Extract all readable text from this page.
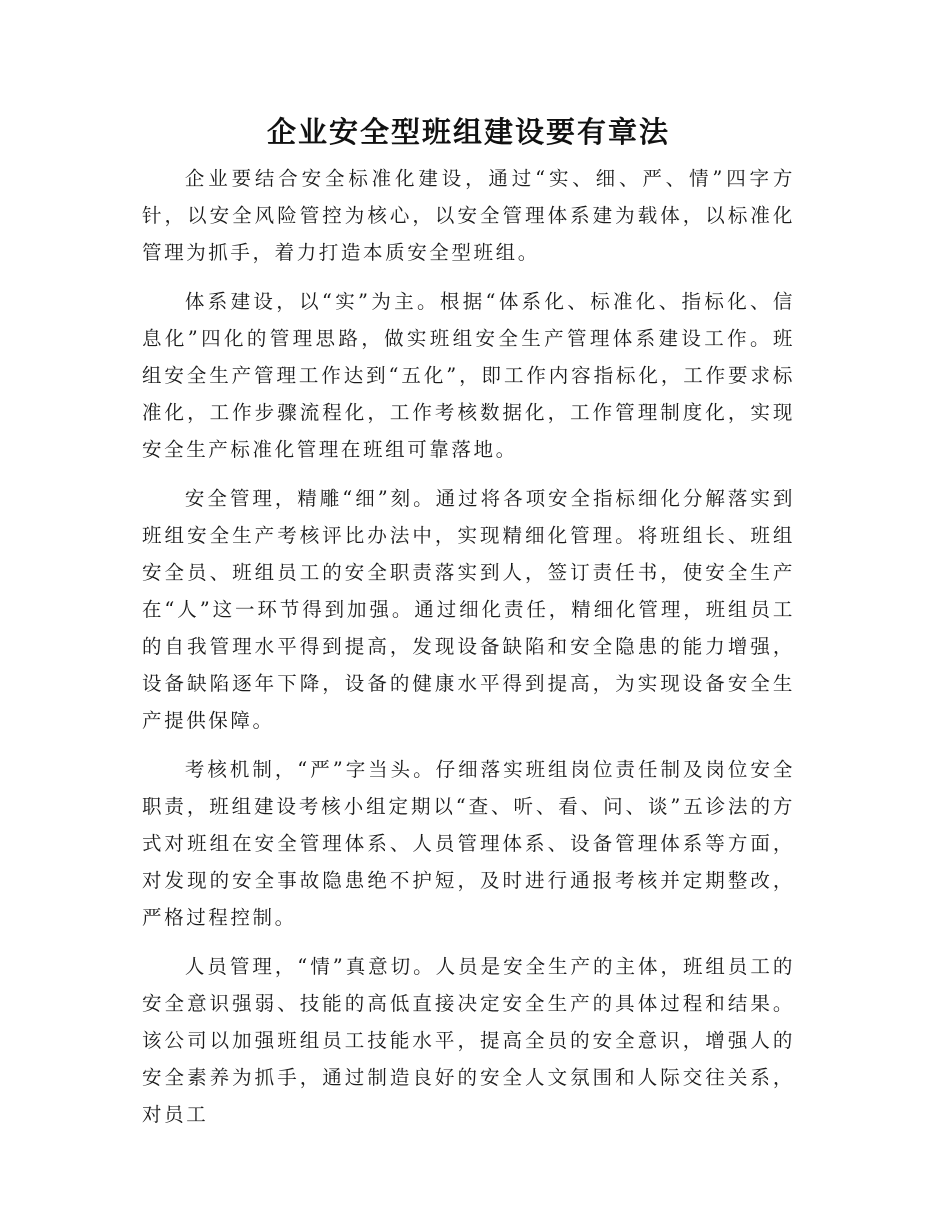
企业安全型班组建设要有章法

企业要结合安全标准化建设，通过“实、细、严、情”四字方针，以安全风险管控为核心，以安全管理体系建为载体，以标准化管理为抓手，着力打造本质安全型班组。

体系建设，以“实”为主。根据“体系化、标准化、指标化、信息化”四化的管理思路，做实班组安全生产管理体系建设工作。班组安全生产管理工作达到“五化”，即工作内容指标化，工作要求标准化，工作步骤流程化，工作考核数据化，工作管理制度化，实现安全生产标准化管理在班组可靠落地。

安全管理，精雕“细”刻。通过将各项安全指标细化分解落实到班组安全生产考核评比办法中，实现精细化管理。将班组长、班组安全员、班组员工的安全职责落实到人，签订责任书，使安全生产在“人”这一环节得到加强。通过细化责任，精细化管理，班组员工的自我管理水平得到提高，发现设备缺陷和安全隐患的能力增强，设备缺陷逐年下降，设备的健康水平得到提高，为实现设备安全生产提供保障。

考核机制，“严”字当头。仔细落实班组岗位责任制及岗位安全职责，班组建设考核小组定期以“查、听、看、问、谈”五诊法的方式对班组在安全管理体系、人员管理体系、设备管理体系等方面，对发现的安全事故隐患绝不护短，及时进行通报考核并定期整改，严格过程控制。

人员管理，“情”真意切。人员是安全生产的主体，班组员工的安全意识强弱、技能的高低直接决定安全生产的具体过程和结果。该公司以加强班组员工技能水平，提高全员的安全意识，增强人的安全素养为抓手，通过制造良好的安全人文氛围和人际交往关系，对员工
